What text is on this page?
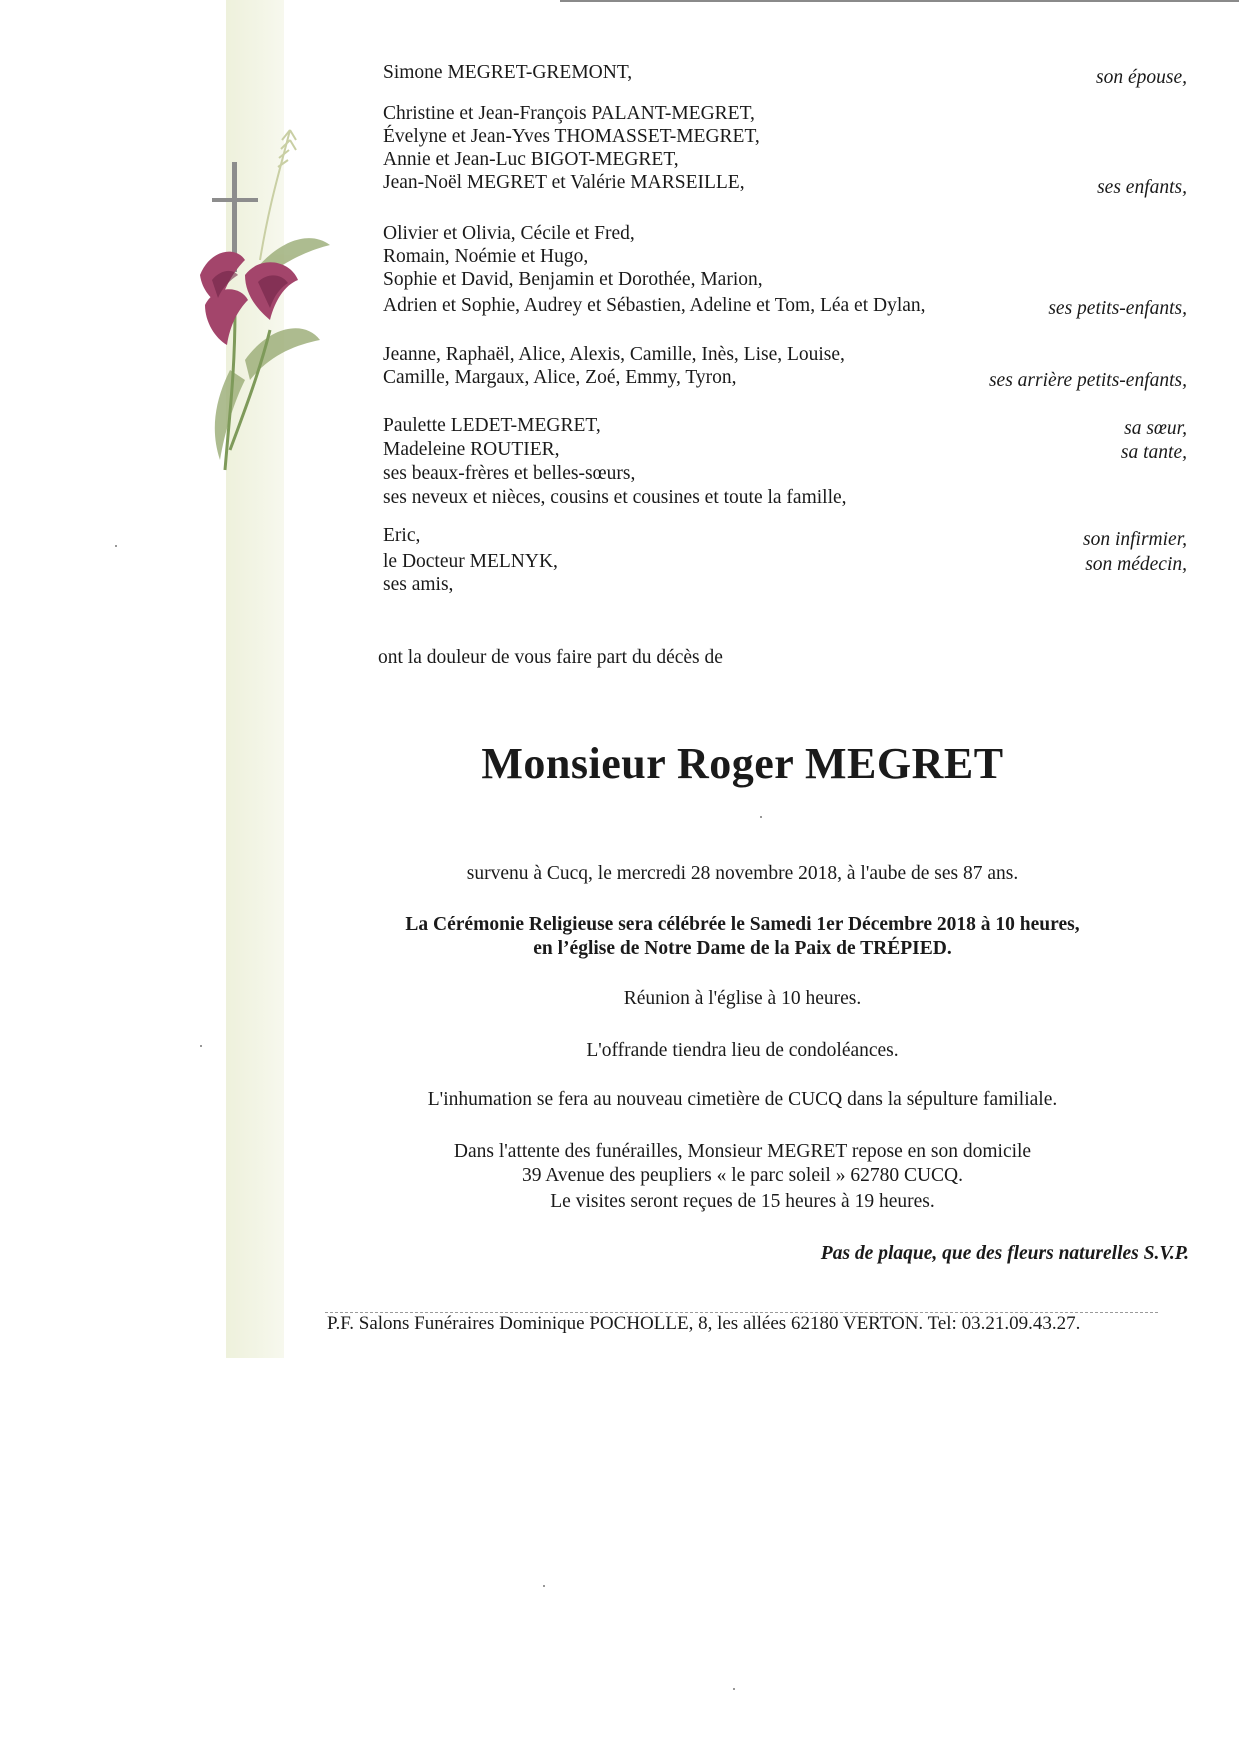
Simone MEGRET-GREMONT,
Christine et Jean-François PALANT-MEGRET,
Évelyne et Jean-Yves THOMASSET-MEGRET,
Annie et Jean-Luc BIGOT-MEGRET,
Jean-Noël MEGRET et Valérie MARSEILLE,
Olivier et Olivia, Cécile et Fred,
Romain, Noémie et Hugo,
Sophie et David, Benjamin et Dorothée, Marion,
Adrien et Sophie, Audrey et Sébastien, Adeline et Tom, Léa et Dylan,
Jeanne, Raphaël, Alice, Alexis, Camille, Inès, Lise, Louise,
Camille, Margaux, Alice, Zoé, Emmy, Tyron,
Paulette LEDET-MEGRET,
Madeleine ROUTIER,
ses beaux-frères et belles-sœurs,
ses neveux et nièces, cousins et cousines et toute la famille,
Eric,
le Docteur MELNYK,
ses amis,
son épouse,
ses enfants,
ses petits-enfants,
ses arrière petits-enfants,
sa sœur,
sa tante,
son infirmier,
son médecin,
ont la douleur de vous faire part du décès de
Monsieur Roger MEGRET
survenu à Cucq, le mercredi 28 novembre 2018, à l'aube de ses 87 ans.
La Cérémonie Religieuse sera célébrée le Samedi 1er Décembre 2018 à 10 heures,
en l’église de Notre Dame de la Paix de TRÉPIED.
Réunion à l'église à 10 heures.
L'offrande tiendra lieu de condoléances.
L'inhumation se fera au nouveau cimetière de CUCQ dans la sépulture familiale.
Dans l'attente des funérailles, Monsieur MEGRET repose en son domicile
39 Avenue des peupliers « le parc soleil » 62780 CUCQ.
Le visites seront reçues de 15 heures à 19 heures.
Pas de plaque, que des fleurs naturelles S.V.P.
P.F. Salons Funéraires Dominique POCHOLLE, 8, les allées 62180 VERTON. Tel: 03.21.09.43.27.
